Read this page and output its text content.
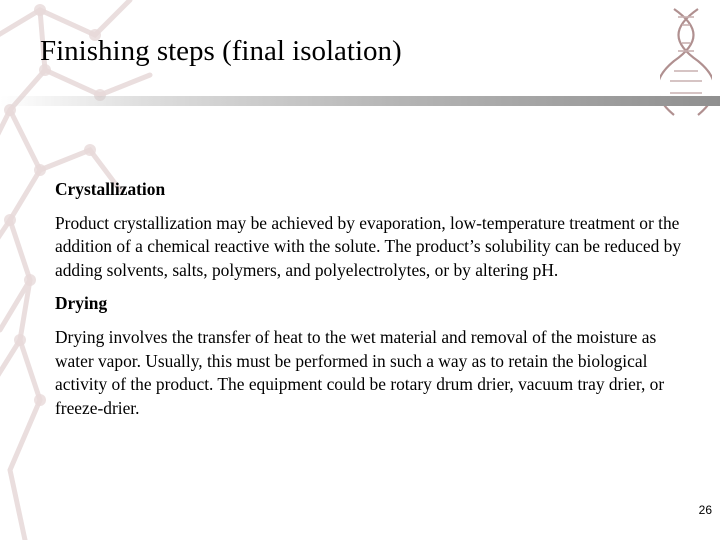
Finishing steps (final isolation)

Crystallization

Product crystallization may be achieved by evaporation, low-temperature treatment or the addition of a chemical reactive with the solute. The product’s solubility can be reduced by adding solvents, salts, polymers, and polyelectrolytes, or by altering pH.

Drying

Drying involves the transfer of heat to the wet material and removal of the moisture as water vapor. Usually, this must be performed in such a way as to retain the biological activity of the product. The equipment could be rotary drum drier, vacuum tray drier, or freeze-drier.

26
